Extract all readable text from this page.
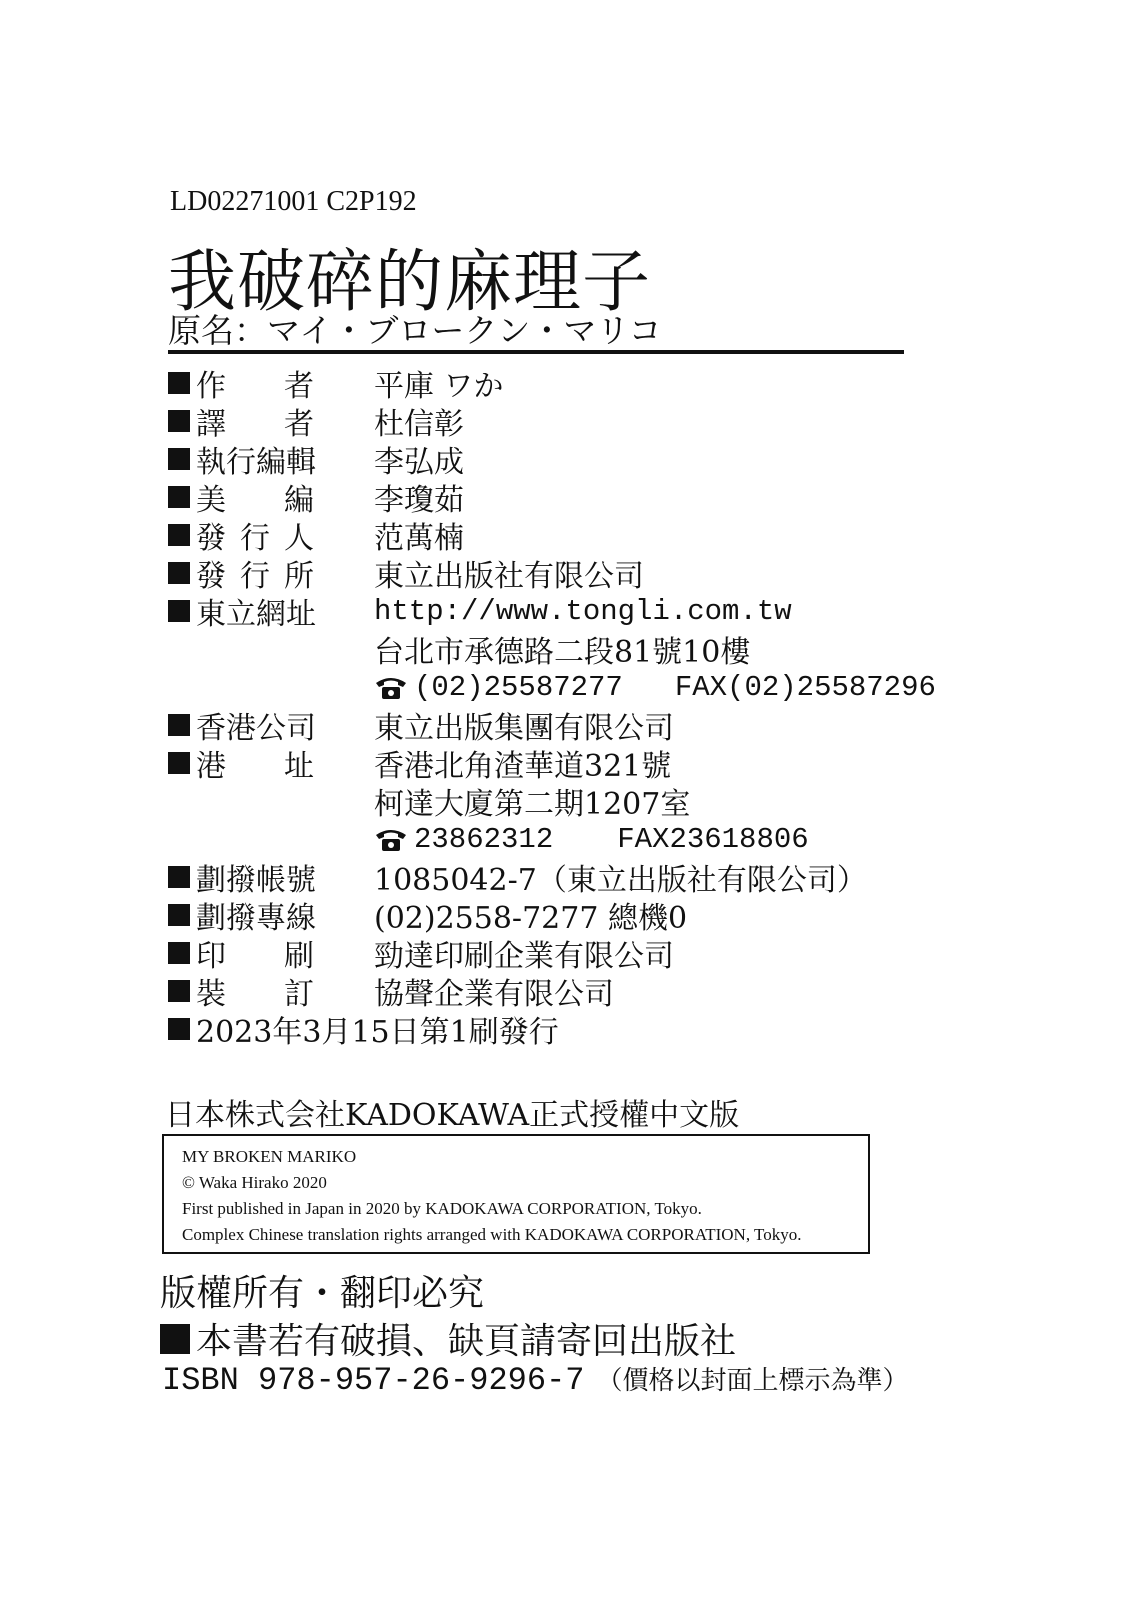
LD02271001 C2P192
我破碎的麻理子
原名：マイ・ブロークン・マリコ
作 者 平庫 ワか
譯 者 杜信彰
執 行 編 輯 李弘成
美 編 李瓊茹
發 行 人 范萬楠
發 行 所 東立出版社有限公司
東 立 網 址 http://www.tongli.com.tw
台北市承德路二段81號10樓
(02)25587277 FAX(02)25587296
香 港 公 司 東立出版集團有限公司
港 址 香港北角渣華道321號
柯達大廈第二期1207室
23862312 FAX23618806
劃 撥 帳 號 1085042-7（東立出版社有限公司）
劃 撥 專 線 (02)2558-7277 總機0
印 刷 勁達印刷企業有限公司
裝 訂 協聲企業有限公司
2023年3月15日第1刷發行
日本株式会社KADOKAWA正式授權中文版
MY BROKEN MARIKO
© Waka Hirako 2020
First published in Japan in 2020 by KADOKAWA CORPORATION, Tokyo.
Complex Chinese translation rights arranged with KADOKAWA CORPORATION, Tokyo.
版權所有・翻印必究
本書若有破損、缺頁請寄回出版社
ISBN 978-957-26-9296-7 （價格以封面上標示為準）
